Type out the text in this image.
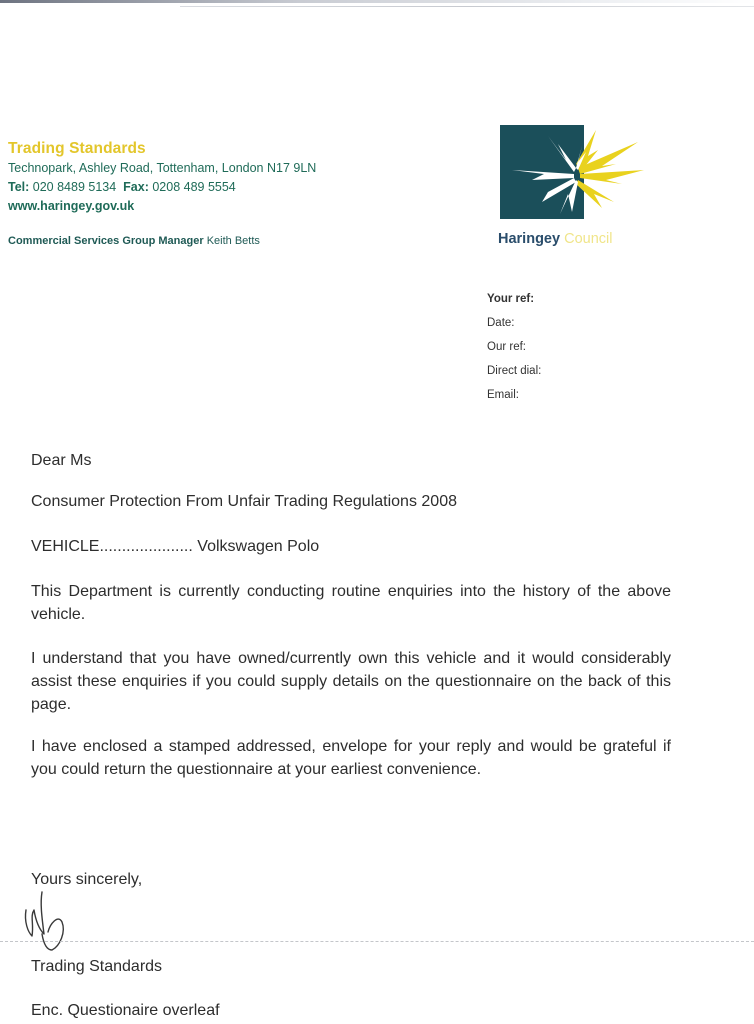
Trading Standards
Technopark, Ashley Road, Tottenham, London N17 9LN
Tel: 020 8489 5134 Fax: 0208 489 5554
www.haringey.gov.uk
Commercial Services Group Manager Keith Betts	Haringey Council
Your ref:
Date:
Our ref:
Direct dial:
Email:
Dear Ms
Consumer Protection From Unfair Trading Regulations 2008
VEHICLE..................... Volkswagen Polo
This Department is currently conducting routine enquiries into the history of the above vehicle.
I understand that you have owned/currently own this vehicle and it would considerably assist these enquiries if you could supply details on the questionnaire on the back of this page.
I have enclosed a stamped addressed, envelope for your reply and would be grateful if you could return the questionnaire at your earliest convenience.
Yours sincerely,
Trading Standards
Enc. Questionaire overleaf
